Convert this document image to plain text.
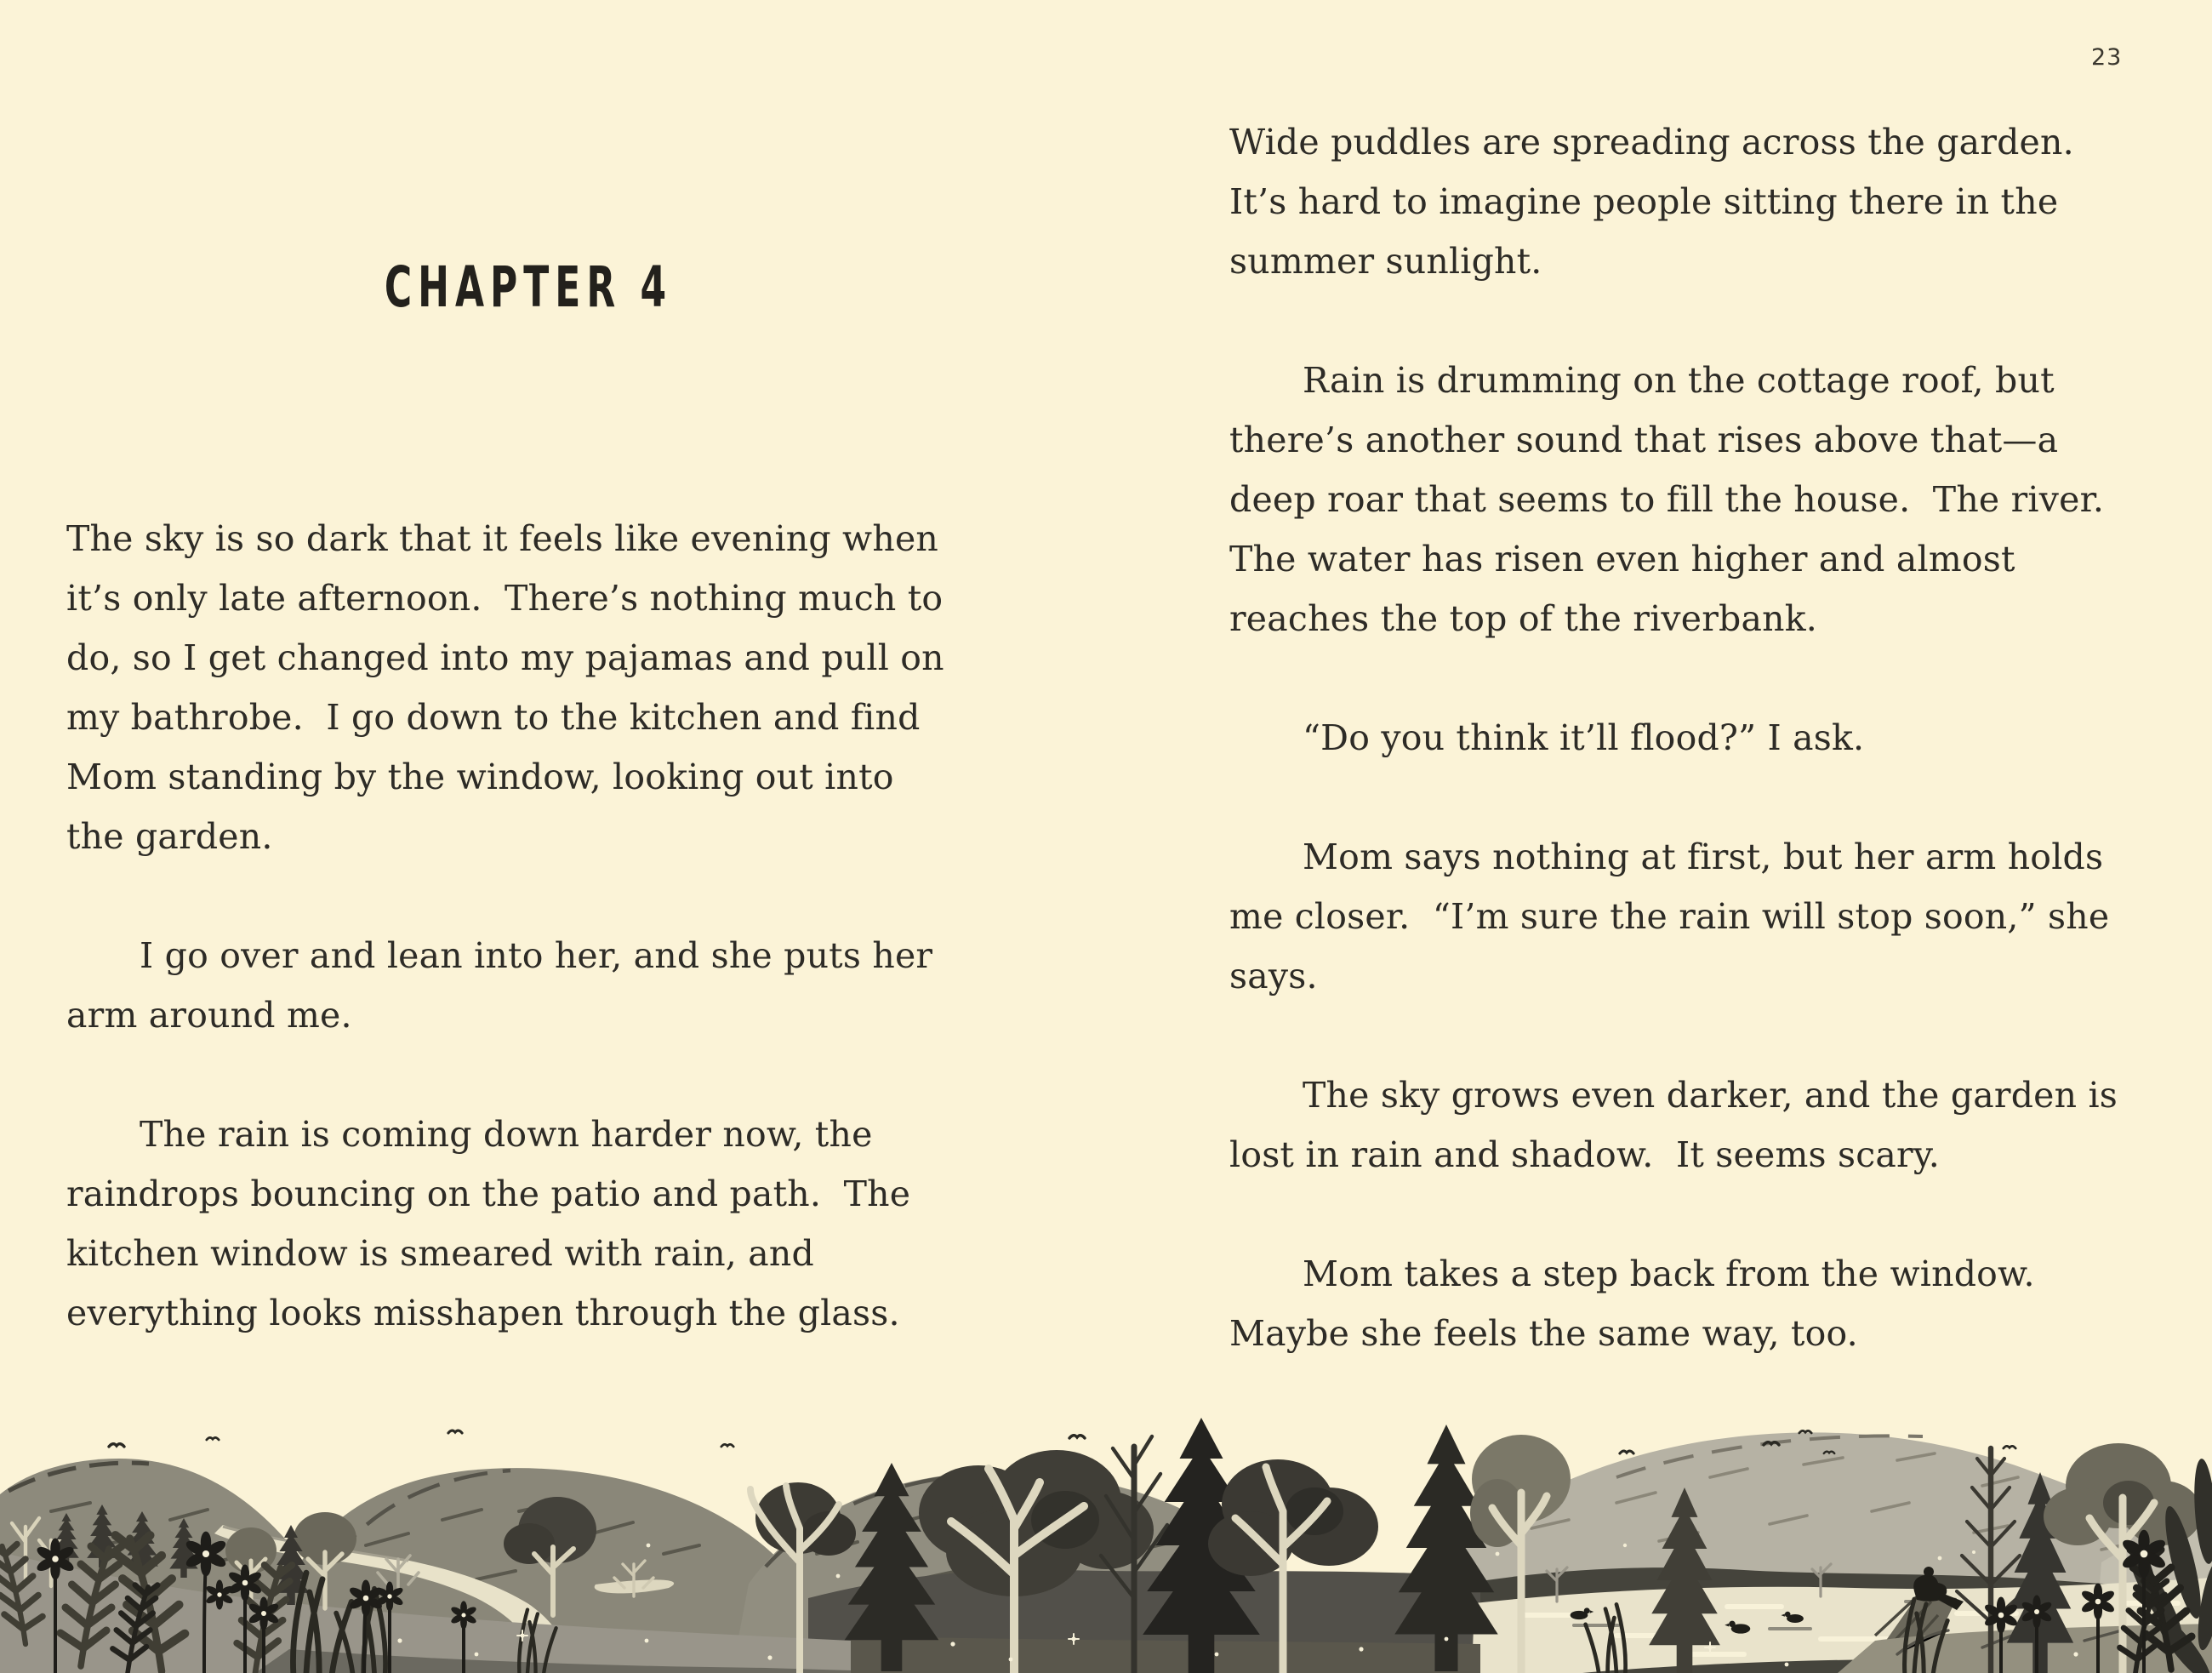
23
CHAPTER 4

The sky is so dark that it feels like evening when it’s only late afternoon.  There’s nothing much to do, so I get changed into my pajamas and pull on my bathrobe.  I go down to the kitchen and find Mom standing by the window, looking out into the garden.

I go over and lean into her, and she puts her arm around me.

The rain is coming down harder now, the raindrops bouncing on the patio and path.  The kitchen window is smeared with rain, and everything looks misshapen through the glass.

Wide puddles are spreading across the garden.  It’s hard to imagine people sitting there in the summer sunlight.

Rain is drumming on the cottage roof, but there’s another sound that rises above that—a deep roar that seems to fill the house.  The river.  The water has risen even higher and almost reaches the top of the riverbank.

“Do you think it’ll flood?” I ask.

Mom says nothing at first, but her arm holds me closer.  “I’m sure the rain will stop soon,” she says.

The sky grows even darker, and the garden is lost in rain and shadow.  It seems scary.

Mom takes a step back from the window.  Maybe she feels the same way, too.
